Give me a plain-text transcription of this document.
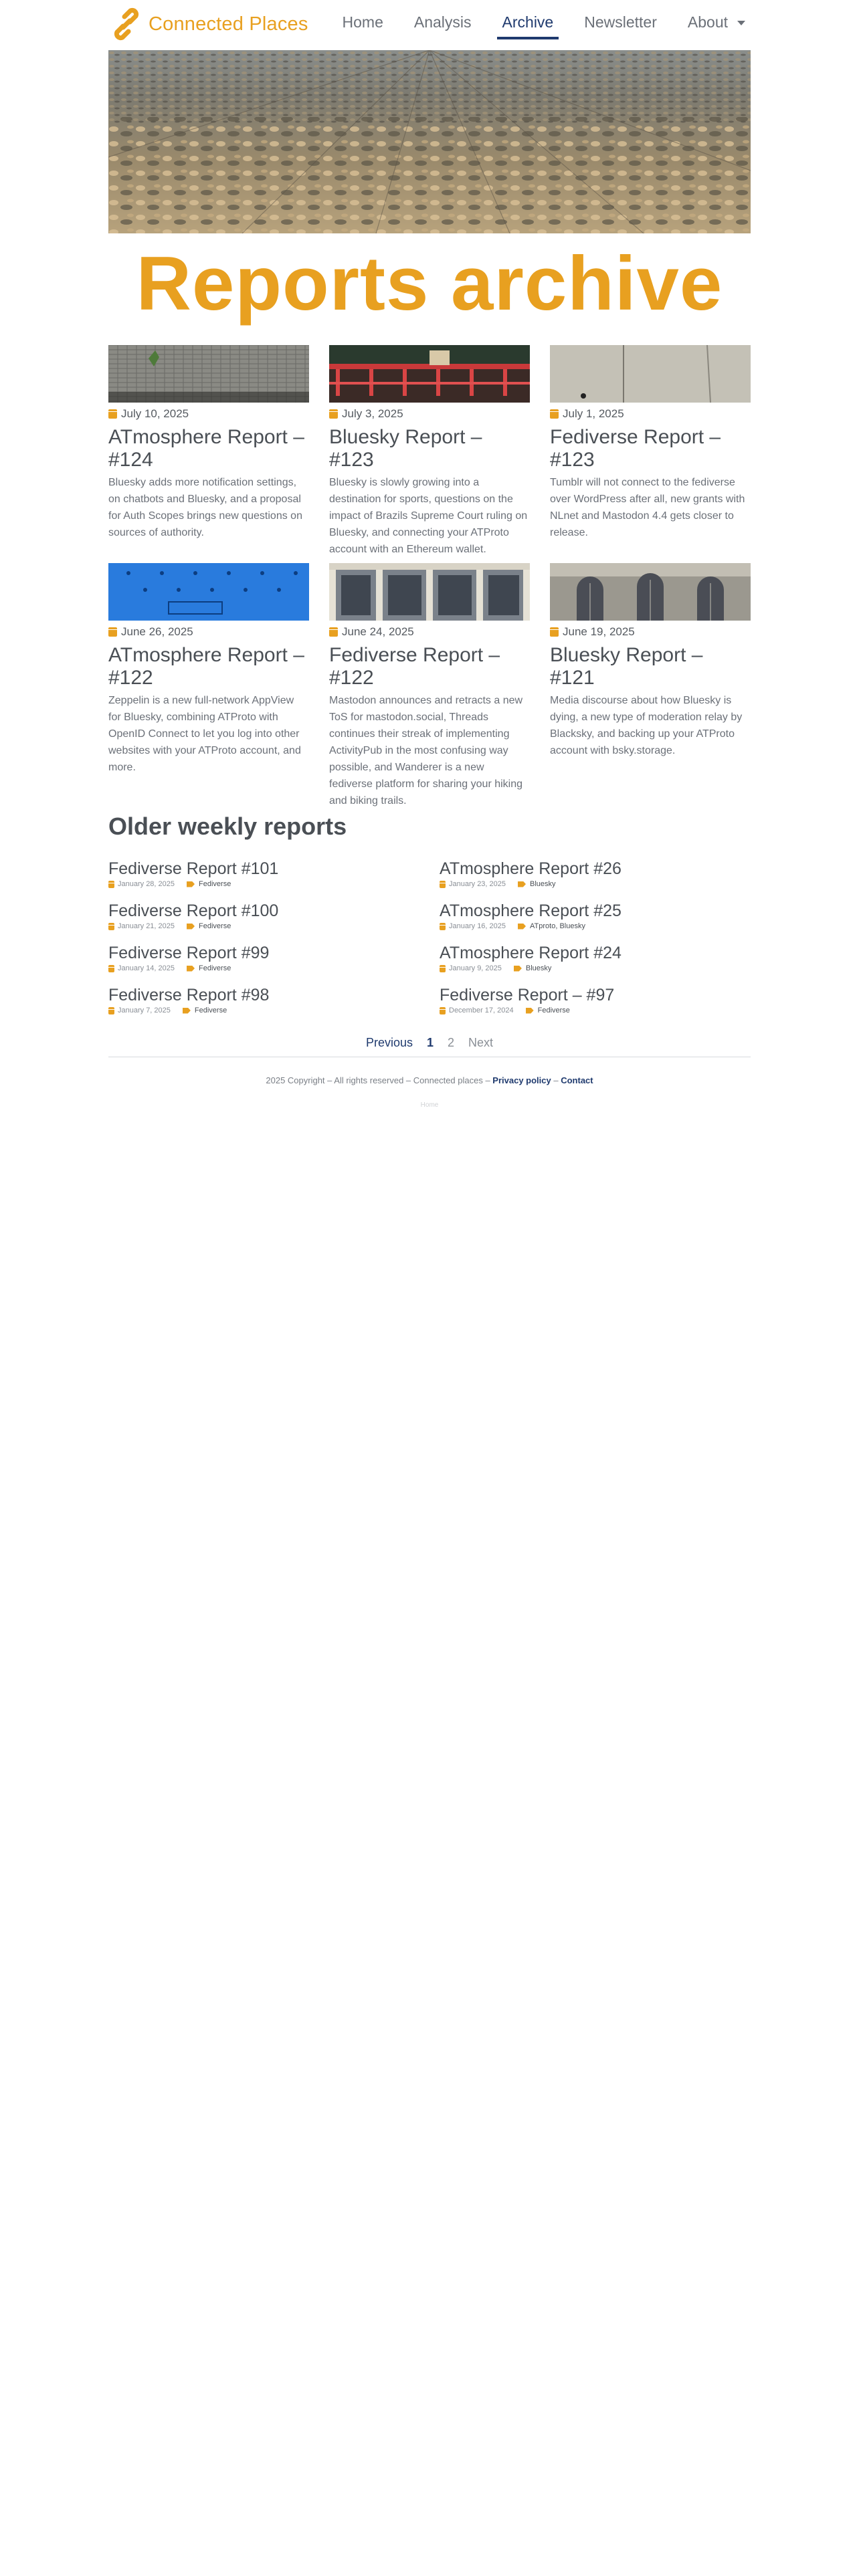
Connected Places	Home	Analysis	Archive	Newsletter	About
Reports archive
July 10, 2025
ATmosphere Report – #124
Bluesky adds more notification settings, on chatbots and Bluesky, and a proposal for Auth Scopes brings new questions on sources of authority.
July 3, 2025
Bluesky Report – #123
Bluesky is slowly growing into a destination for sports, questions on the impact of Brazils Supreme Court ruling on Bluesky, and connecting your ATProto account with an Ethereum wallet.
July 1, 2025
Fediverse Report – #123
Tumblr will not connect to the fediverse over WordPress after all, new grants with NLnet and Mastodon 4.4 gets closer to release.
June 26, 2025
ATmosphere Report – #122
Zeppelin is a new full-network AppView for Bluesky, combining ATProto with OpenID Connect to let you log into other websites with your ATProto account, and more.
June 24, 2025
Fediverse Report – #122
Mastodon announces and retracts a new ToS for mastodon.social, Threads continues their streak of implementing ActivityPub in the most confusing way possible, and Wanderer is a new fediverse platform for sharing your hiking and biking trails.
June 19, 2025
Bluesky Report – #121
Media discourse about how Bluesky is dying, a new type of moderation relay by Blacksky, and backing up your ATProto account with bsky.storage.
Older weekly reports
Fediverse Report #101
January 28, 2025	Fediverse
Fediverse Report #100
January 21, 2025	Fediverse
Fediverse Report #99
January 14, 2025	Fediverse
Fediverse Report #98
January 7, 2025	Fediverse
ATmosphere Report #26
January 23, 2025	Bluesky
ATmosphere Report #25
January 16, 2025	ATproto, Bluesky
ATmosphere Report #24
January 9, 2025	Bluesky
Fediverse Report – #97
December 17, 2024	Fediverse
Previous 1 2 Next
2025 Copyright – All rights reserved – Connected places – Privacy policy – Contact
Home
